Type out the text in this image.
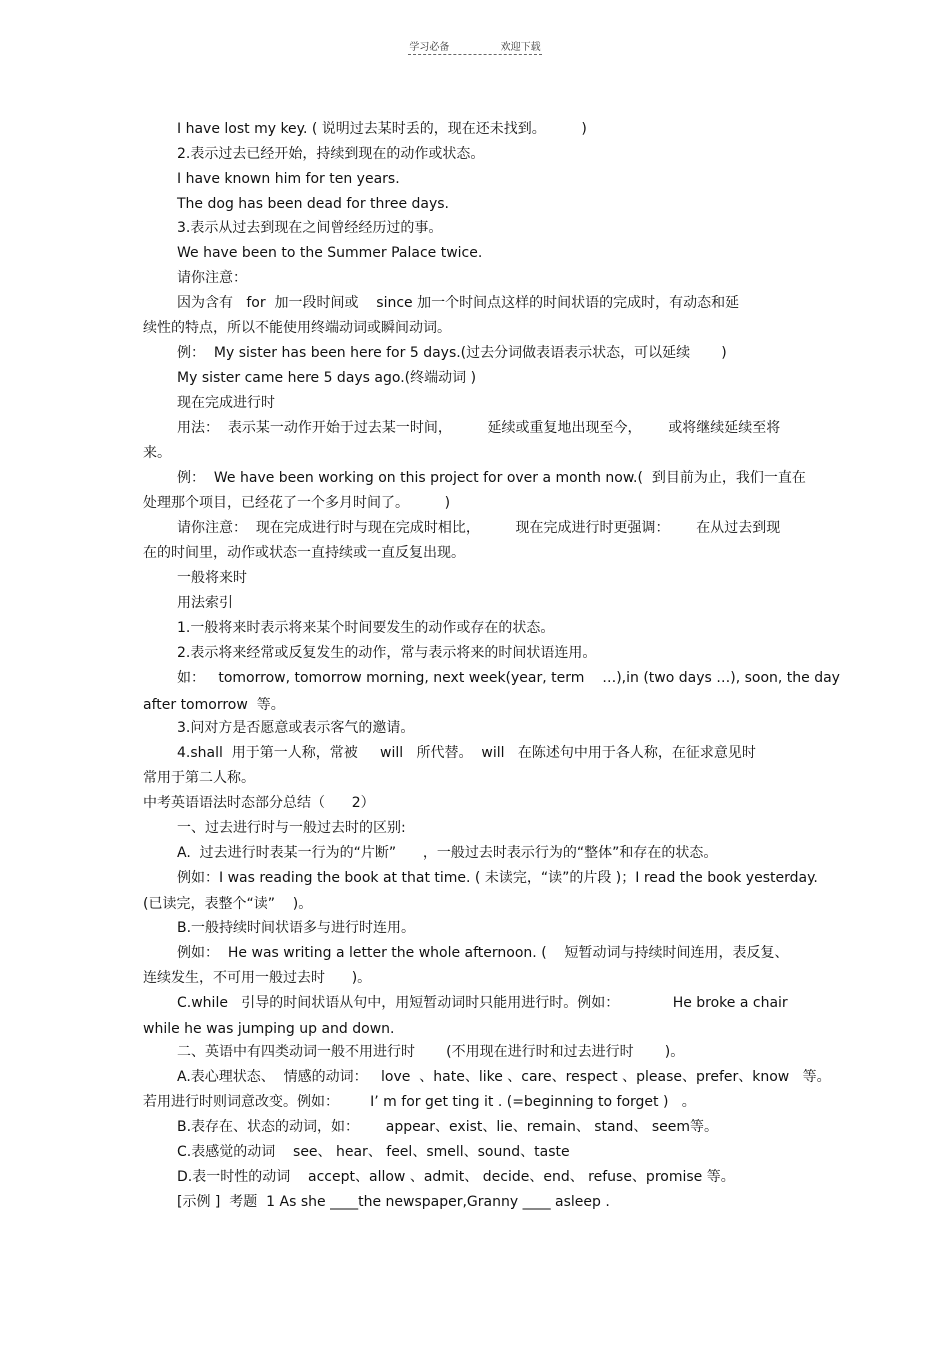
学习必备	欢迎下载
I have lost my key. ( 说明过去某时丢的，现在还未找到。        )
2.表示过去已经开始，持续到现在的动作或状态。
I have known him for ten years.
The dog has been dead for three days.
3.表示从过去到现在之间曾经经历过的事。
We have been to the Summer Palace twice.
请你注意：
因为含有   for  加一段时间或    since 加一个时间点这样的时间状语的完成时，有动态和延
续性的特点，所以不能使用终端动词或瞬间动词。
例：  My sister has been here for 5 days.(过去分词做表语表示状态，可以延续       )
My sister came here 5 days ago.(终端动词 )
现在完成进行时
用法：  表示某一动作开始于过去某一时间，        延续或重复地出现至今，      或将继续延续至将
来。
例：  We have been working on this project for over a month now.(  到目前为止，我们一直在
处理那个项目，已经花了一个多月时间了。        )
请你注意：  现在完成进行时与现在完成时相比，        现在完成进行时更强调：      在从过去到现
在的时间里，动作或状态一直持续或一直反复出现。
一般将来时
用法索引
1.一般将来时表示将来某个时间要发生的动作或存在的状态。
2.表示将来经常或反复发生的动作，常与表示将来的时间状语连用。
如：   tomorrow, tomorrow morning, next week(year, term    …),in (two days …), soon, the day
after tomorrow  等。
3.问对方是否愿意或表示客气的邀请。
4.shall  用于第一人称，常被     will   所代替。  will   在陈述句中用于各人称，在征求意见时
常用于第二人称。
中考英语语法时态部分总结（      2）
一、过去进行时与一般过去时的区别:
A.  过去进行时表某一行为的“片断”      ，一般过去时表示行为的“整体”和存在的状态。
例如：I was reading the book at that time. ( 未读完，“读”的片段 )；I read the book yesterday.
(已读完，表整个“读”    )。
B.一般持续时间状语多与进行时连用。
例如：  He was writing a letter the whole afternoon. (    短暂动词与持续时间连用，表反复、
连续发生，不可用一般过去时      )。
C.while   引导的时间状语从句中，用短暂动词时只能用进行时。例如：            He broke a chair
while he was jumping up and down.
二、英语中有四类动词一般不用进行时       (不用现在进行时和过去进行时       )。
A.表心理状态、  情感的动词：   love  、hate、like 、care、respect 、please、prefer、know   等。
若用进行时则词意改变。例如：       I’ m for get ting it . (=beginning to forget )   。
B.表存在、状态的动词，如：      appear、exist、lie、remain、 stand、 seem等。
C.表感觉的动词    see、 hear、 feel、smell、sound、taste
D.表一时性的动词    accept、allow 、admit、 decide、end、 refuse、promise 等。
[示例 ]  考题  1 As she ____the newspaper,Granny ____ asleep .
